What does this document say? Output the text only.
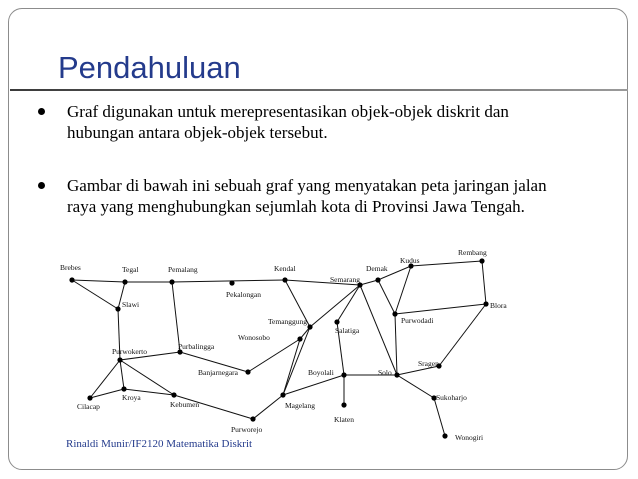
Pendahuluan
Graf digunakan untuk merepresentasikan objek-objek diskrit dan hubungan antara objek-objek tersebut.
Gambar di bawah ini sebuah graf yang menyatakan peta jaringan jalan raya yang menghubungkan sejumlah kota di Provinsi Jawa Tengah.
Brebes	Tegal	Pemalang
Pekalongan
Kendal
Semarang
Demak
Kudus
Rembang
Blora
Slawi
Purwodadi
Temanggung
Salatiga
Wonosobo
Purbalingga
Purwokerto
Banjarnegara	Boyolali	Solo
Sragen
Cilacap
Kroya
Kebumen	Magelang
Sukoharjo
Klaten
Purworejo
Wonogiri
Rinaldi Munir/IF2120 Matematika Diskrit
